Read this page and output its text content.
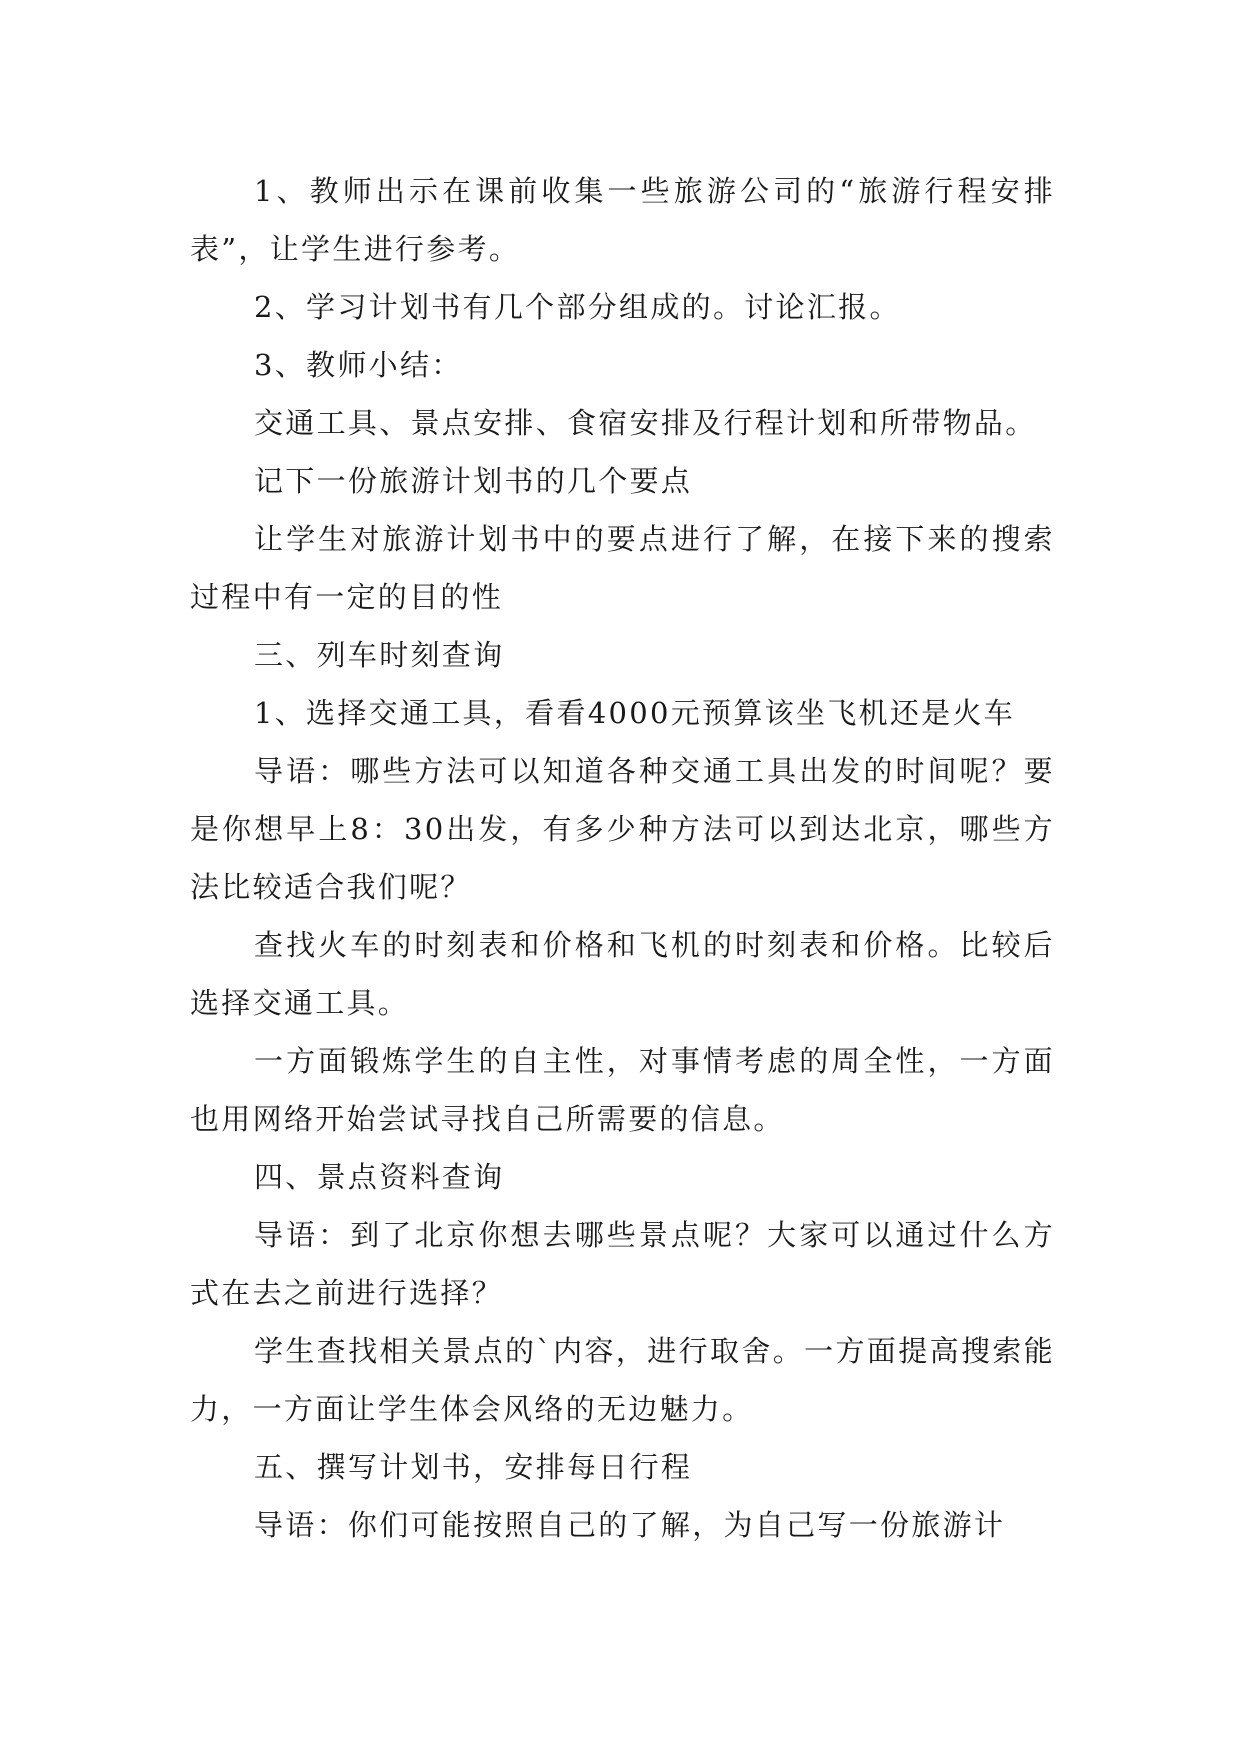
1、教师出示在课前收集一些旅游公司的“旅游行程安排表”，让学生进行参考。

2、学习计划书有几个部分组成的。讨论汇报。

3、教师小结：

交通工具、景点安排、食宿安排及行程计划和所带物品。

记下一份旅游计划书的几个要点

让学生对旅游计划书中的要点进行了解，在接下来的搜索过程中有一定的目的性

三、列车时刻查询

1、选择交通工具，看看4000元预算该坐飞机还是火车

导语：哪些方法可以知道各种交通工具出发的时间呢？要是你想早上8：30出发，有多少种方法可以到达北京，哪些方法比较适合我们呢？

查找火车的时刻表和价格和飞机的时刻表和价格。比较后选择交通工具。

一方面锻炼学生的自主性，对事情考虑的周全性，一方面也用网络开始尝试寻找自己所需要的信息。

四、景点资料查询

导语：到了北京你想去哪些景点呢？大家可以通过什么方式在去之前进行选择？

学生查找相关景点的`内容，进行取舍。一方面提高搜索能力，一方面让学生体会风络的无边魅力。

五、撰写计划书，安排每日行程

导语：你们可能按照自己的了解，为自己写一份旅游计
